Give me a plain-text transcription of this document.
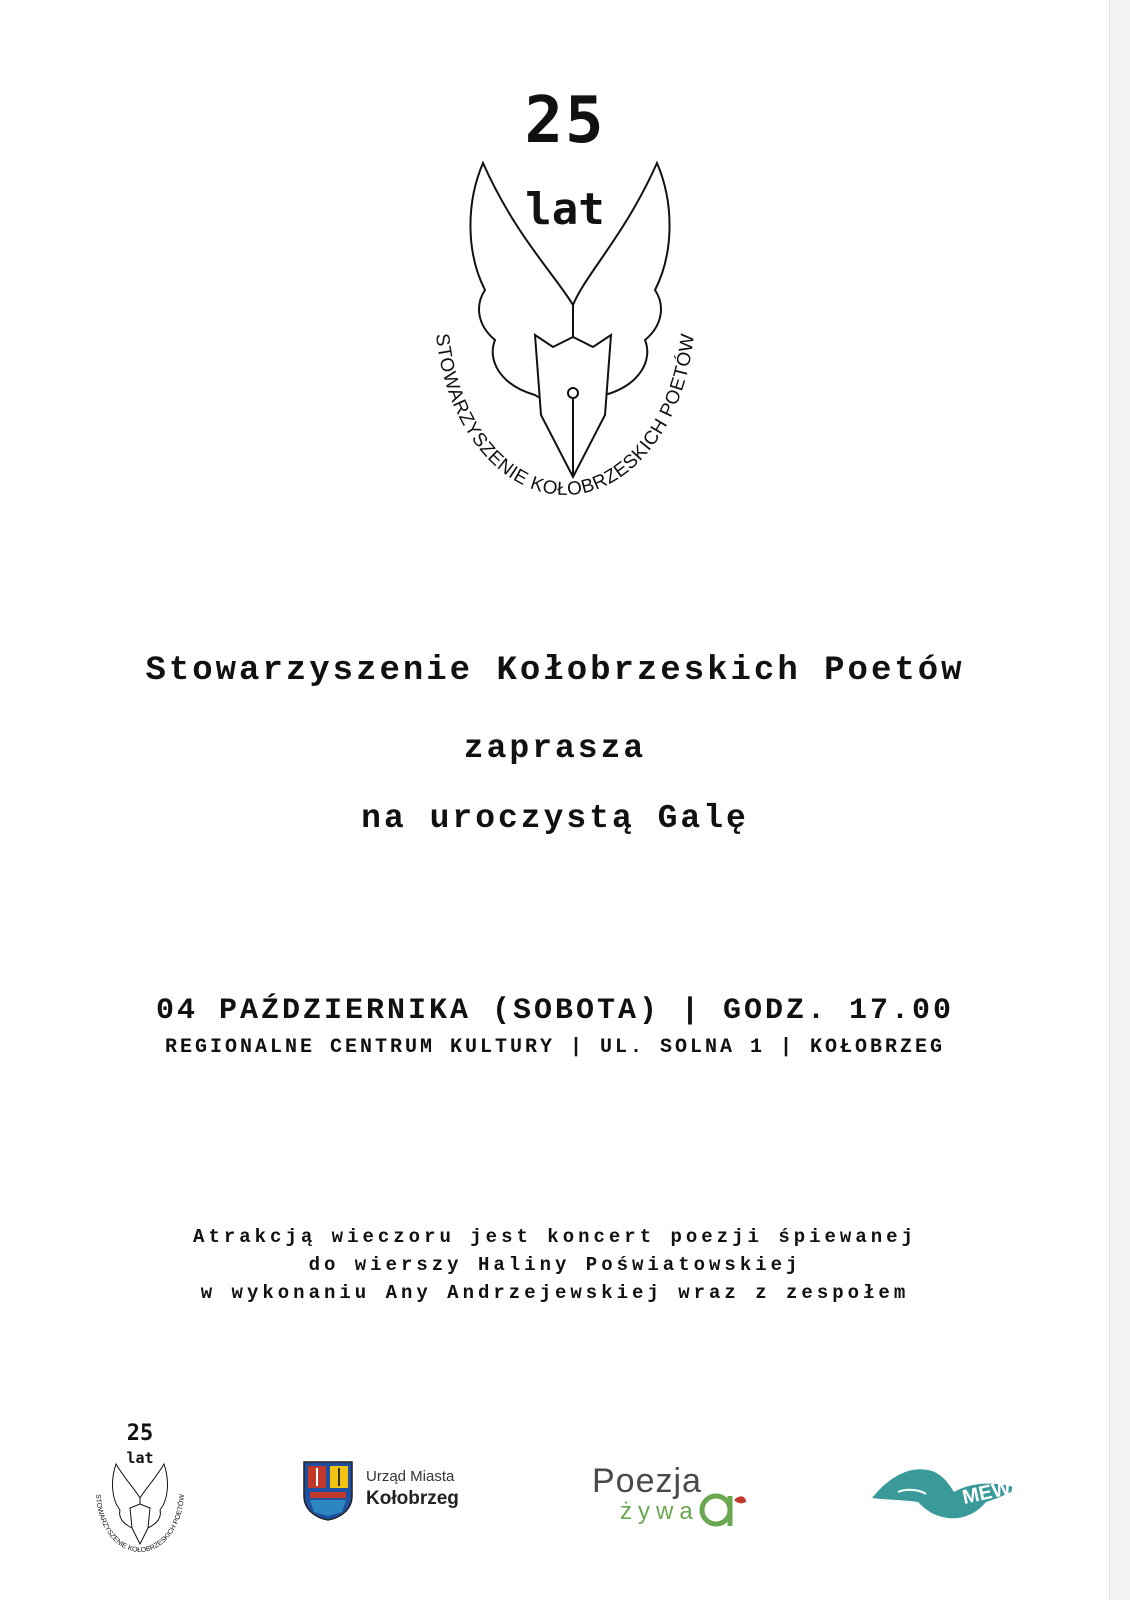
STOWARZYSZENIE KOŁOBRZESKICH POETÓW
25
lat
Stowarzyszenie Kołobrzeskich Poetów
zaprasza
na uroczystą Galę
04 PAŹDZIERNIKA (SOBOTA) | GODZ. 17.00
REGIONALNE CENTRUM KULTURY | UL. SOLNA 1 | KOŁOBRZEG
Atrakcją wieczoru jest koncert poezji śpiewanej
do wierszy Haliny Poświatowskiej
w wykonaniu Any Andrzejewskiej wraz z zespołem
STOWARZYSZENIE KOŁOBRZESKICH POETÓW
25
lat
Urząd Miasta
Kołobrzeg	Poezja
żywa
MEWA
